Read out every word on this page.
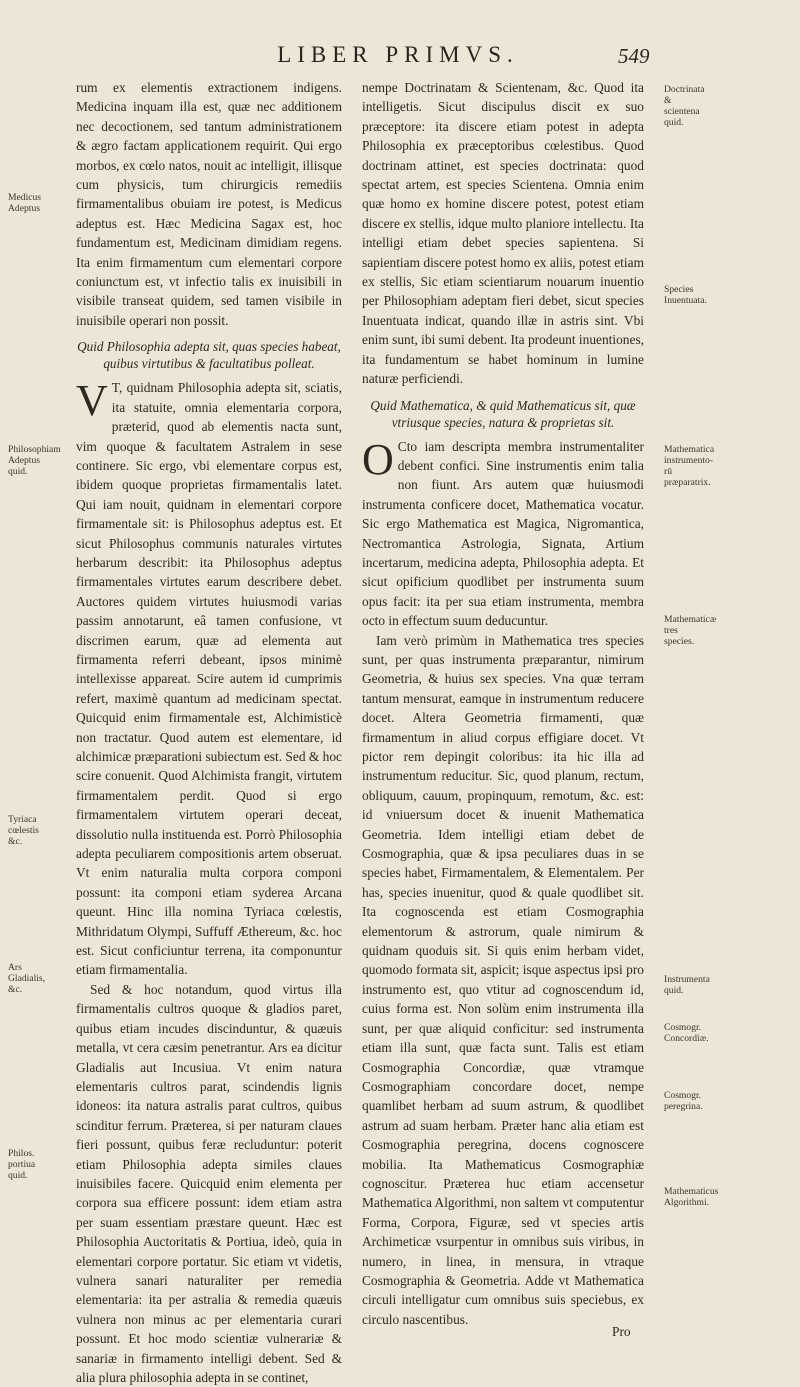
LIBER PRIMVS.	549
Medicus Adeptus
Philosophiam Adeptus quid.
Tyriaca cœlestis &c.
Ars Gladialis, &c.
Philos. portiua quid.
Doctrinata & scientena quid.
Species Inuentuata.
Mathematica instrumentorū præparatrix.
Mathematicæ tres species.
Instrumenta quid.
Cosmogr. Concordiæ.
Cosmogr. peregrina.
Mathematicus Algorithmi.

rum ex elementis extractionem indigens. Medicina inquam illa est, quæ nec additionem nec decoctionem, sed tantum administrationem & ægro factam applicationem requirit. Qui ergo morbos, ex cœlo natos, nouit ac intelligit, illisque cum physicis, tum chirurgicis remediis firmamentalibus obuiam ire potest, is Medicus adeptus est. Hæc Medicina Sagax est, hoc fundamentum est, Medicinam dimidiam regens. Ita enim firmamentum cum elementari corpore coniunctum est, vt infectio talis ex inuisibili in visibile transeat quidem, sed tamen visibile in inuisibile operari non possit.

Quid Philosophia adepta sit, quas species habeat, quibus virtutibus & facultatibus polleat.

V T, quidnam Philosophia adepta sit, sciatis, ita statuite, omnia elementaria corpora, præterid, quod ab elementis nacta sunt, vim quoque & facultatem Astralem in sese continere. Sic ergo, vbi elementare corpus est, ibidem quoque proprietas firmamentalis latet. Qui iam nouit, quidnam in elementari corpore firmamentale sit: is Philosophus adeptus est. Et sicut Philosophus communis naturales virtutes herbarum describit: ita Philosophus adeptus firmamentales virtutes earum describere debet. Auctores quidem virtutes huiusmodi varias passim annotarunt, eâ tamen confusione, vt discrimen earum, quæ ad elementa aut firmamenta referri debeant, ipsos minimè intellexisse appareat. Scire autem id cumprimis refert, maximè quantum ad medicinam spectat. Quicquid enim firmamentale est, Alchimisticè non tractatur. Quod autem est elementare, id alchimicæ præparationi subiectum est. Sed & hoc scire conuenit. Quod Alchimista frangit, virtutem firmamentalem perdit. Quod si ergo firmamentalem virtutem operari deceat, dissolutio nulla instituenda est. Porrò Philosophia adepta peculiarem compositionis artem obseruat. Vt enim naturalia multa corpora componi possunt: ita componi etiam syderea Arcana queunt. Hinc illa nomina Tyriaca cœlestis, Mithridatum Olympi, Suffuff Æthereum, &c. hoc est. Sicut conficiuntur terrena, ita componuntur etiam firmamentalia.

Sed & hoc notandum, quod virtus illa firmamentalis cultros quoque & gladios paret, quibus etiam incudes discinduntur, & quæuis metalla, vt cera cæsim penetrantur. Ars ea dicitur Gladialis aut Incusiua. Vt enim natura elementaris cultros parat, scindendis lignis idoneos: ita natura astralis parat cultros, quibus scinditur ferrum. Præterea, si per naturam claues fieri possunt, quibus feræ recluduntur: poterit etiam Philosophia adepta similes claues inuisibiles facere. Quicquid enim elementa per corpora sua efficere possunt: idem etiam astra per suam essentiam præstare queunt. Hæc est Philosophia Auctoritatis & Portiua, ideò, quia in elementari corpore portatur. Sic etiam vt videtis, vulnera sanari naturaliter per remedia elementaria: ita per astralia & remedia quæuis vulnera non minus ac per elementaria curari possunt. Et hoc modo scientiæ vulnerariæ & sanariæ in firmamento intelligi debent. Sed & alia plura philosophia adepta in se continet,

nempe Doctrinatam & Scientenam, &c. Quod ita intelligetis. Sicut discipulus discit ex suo præceptore: ita discere etiam potest in adepta Philosophia ex præceptoribus cœlestibus. Quod doctrinam attinet, est species doctrinata: quod spectat artem, est species Scientena. Omnia enim quæ homo ex homine discere potest, potest etiam discere ex stellis, idque multo planiore intellectu. Ita intelligi etiam debet species sapientena. Si sapientiam discere potest homo ex aliis, potest etiam ex stellis, Sic etiam scientiarum nouarum inuentio per Philosophiam adeptam fieri debet, sicut species Inuentuata indicat, quando illæ in astris sint. Vbi enim sunt, ibi sumi debent. Ita prodeunt inuentiones, ita fundamentum se habet hominum in lumine naturæ perficiendi.

Quid Mathematica, & quid Mathematicus sit, quæ vtriusque species, natura & proprietas sit.

O Cto iam descripta membra instrumentaliter debent confici. Sine instrumentis enim talia non fiunt. Ars autem quæ huiusmodi instrumenta conficere docet, Mathematica vocatur. Sic ergo Mathematica est Magica, Nigromantica, Nectromantica Astrologia, Signata, Artium incertarum, medicina adepta, Philosophia adepta. Et sicut opificium quodlibet per instrumenta suum opus facit: ita per sua etiam instrumenta, membra octo in effectum suum deducuntur.

Iam verò primùm in Mathematica tres species sunt, per quas instrumenta præparantur, nimirum Geometria, & huius sex species. Vna quæ terram tantum mensurat, eamque in instrumentum reducere docet. Altera Geometria firmamenti, quæ firmamentum in aliud corpus effigiare docet. Vt pictor rem depingit coloribus: ita hic illa ad instrumentum reducitur. Sic, quod planum, rectum, obliquum, cauum, propinquum, remotum, &c. est: id vniuersum docet & inuenit Mathematica Geometria. Idem intelligi etiam debet de Cosmographia, quæ & ipsa peculiares duas in se species habet, Firmamentalem, & Elementalem. Per has, species inuenitur, quod & quale quodlibet sit. Ita cognoscenda est etiam Cosmographia elementorum & astrorum, quale nimirum & quidnam quoduis sit. Si quis enim herbam videt, quomodo formata sit, aspicit; isque aspectus ipsi pro instrumento est, quo vtitur ad cognoscendum id, cuius forma est. Non solùm enim instrumenta illa sunt, per quæ aliquid conficitur: sed instrumenta etiam illa sunt, quæ facta sunt. Talis est etiam Cosmographia Concordiæ, quæ vtramque Cosmographiam concordare docet, nempe quamlibet herbam ad suum astrum, & quodlibet astrum ad suam herbam. Præter hanc alia etiam est Cosmographia peregrina, docens cognoscere mobilia. Ita Mathematicus Cosmographiæ cognoscitur. Præterea huc etiam accensetur Mathematica Algorithmi, non saltem vt computentur Forma, Corpora, Figuræ, sed vt species artis Archimeticæ vsurpentur in omnibus suis viribus, in numero, in linea, in mensura, in vtraque Cosmographia & Geometria. Adde vt Mathematica circuli intelligatur cum omnibus suis speciebus, ex circulo nascentibus.

Pro
